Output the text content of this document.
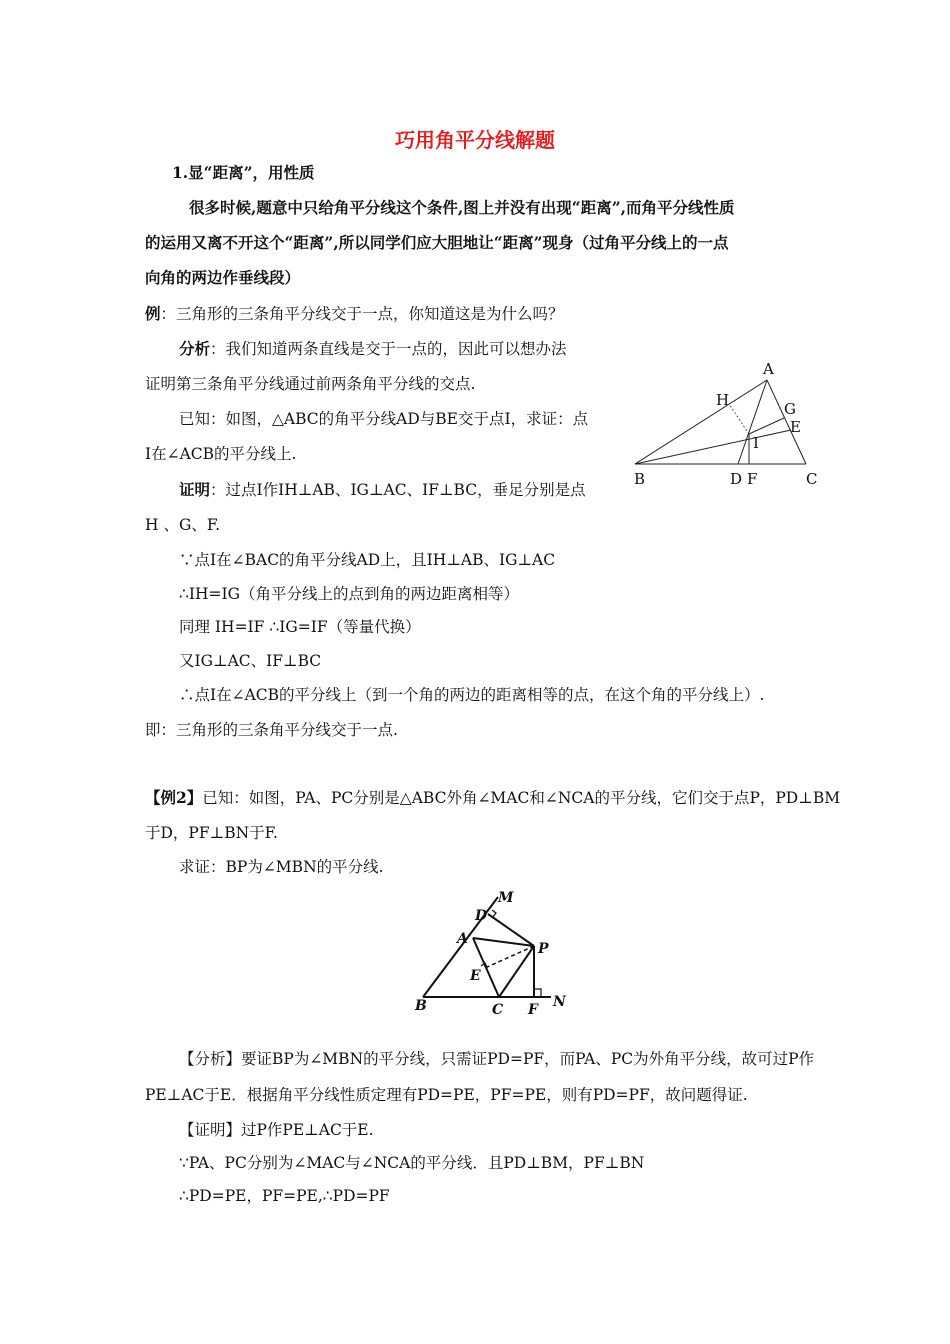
巧用角平分线解题
1.显“距离”，用性质
很多时候,题意中只给角平分线这个条件,图上并没有出现“距离”,而角平分线性质
的运用又离不开这个“距离”,所以同学们应大胆地让“距离”现身（过角平分线上的一点
向角的两边作垂线段）
例：三角形的三条角平分线交于一点，你知道这是为什么吗？
分析：我们知道两条直线是交于一点的，因此可以想办法
证明第三条角平分线通过前两条角平分线的交点.
已知：如图，△ABC的角平分线AD与BE交于点I，求证：点
I在∠ACB的平分线上.
证明：过点I作IH⊥AB、IG⊥AC、IF⊥BC，垂足分别是点
H 、G、F.
∵点I在∠BAC的角平分线AD上，且IH⊥AB、IG⊥AC
∴IH=IG（角平分线上的点到角的两边距离相等）
同理 IH=IF ∴IG=IF（等量代换）
又IG⊥AC、IF⊥BC
∴点I在∠ACB的平分线上（到一个角的两边的距离相等的点，在这个角的平分线上）.
即：三角形的三条角平分线交于一点.
A
H	G
E
I
B	D F	C
【例2】已知：如图，PA、PC分别是△ABC外角∠MAC和∠NCA的平分线，它们交于点P，PD⊥BM
于D，PF⊥BN于F.
求证：BP为∠MBN的平分线.
M
D
A
P
E
B	C F N
【分析】要证BP为∠MBN的平分线，只需证PD=PF，而PA、PC为外角平分线，故可过P作
PE⊥AC于E．根据角平分线性质定理有PD=PE，PF=PE，则有PD=PF，故问题得证.
【证明】过P作PE⊥AC于E.
∵PA、PC分别为∠MAC与∠NCA的平分线．且PD⊥BM，PF⊥BN
∴PD=PE，PF=PE,∴PD=PF
